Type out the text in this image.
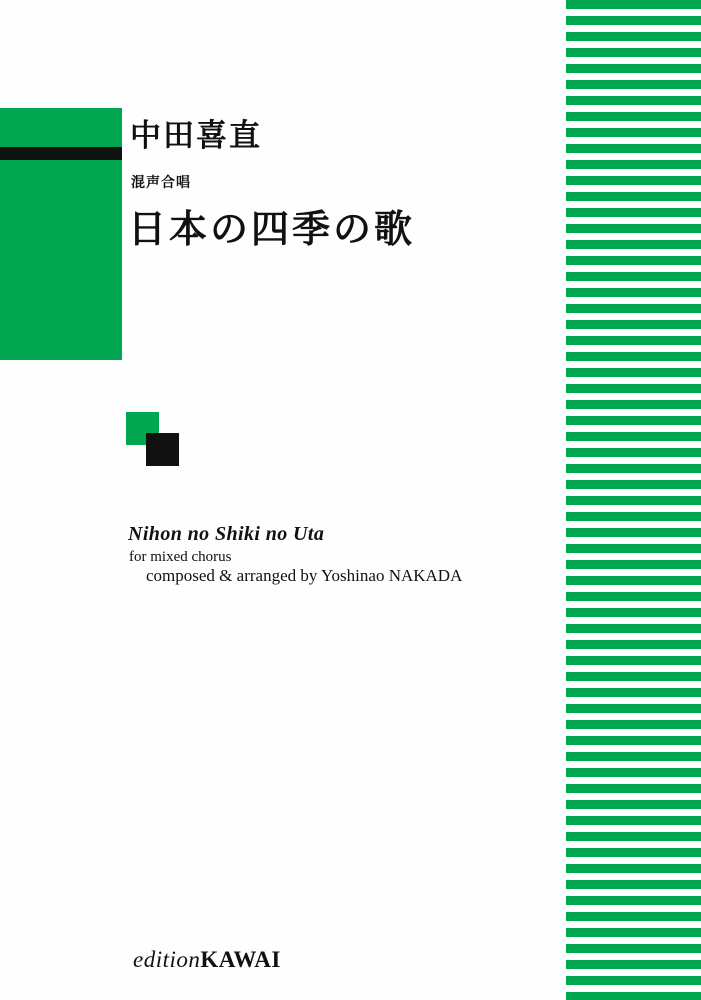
中田喜直
混声合唱
日本の四季の歌
Nihon no Shiki no Uta
for mixed chorus
composed & arranged by Yoshinao NAKADA
editionKAWAI
